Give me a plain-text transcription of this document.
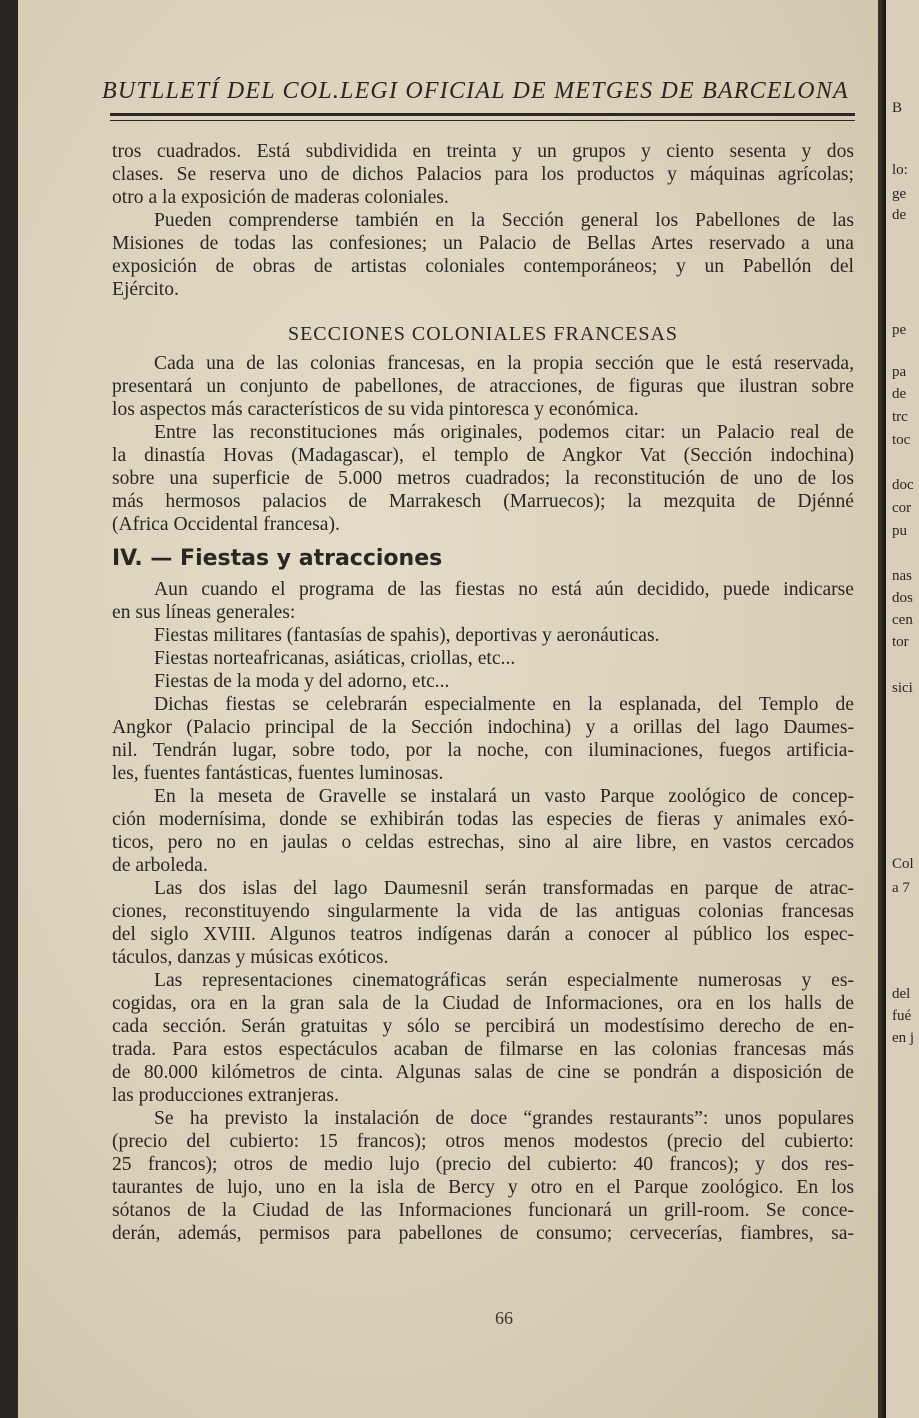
B
lo:
ge
de
pe
pa
de
trc
toc
doc
cor
pu
nas
dos
cen
tor
sici
Col
a 7
del
fué
en j
BUTLLETÍ DEL COL.LEGI OFICIAL DE METGES DE BARCELONA
tros cuadrados. Está subdividida en treinta y un grupos y ciento sesenta y dos
clases. Se reserva uno de dichos Palacios para los productos y máquinas agrícolas;
otro a la exposición de maderas coloniales.
Pueden comprenderse también en la Sección general los Pabellones de las
Misiones de todas las confesiones; un Palacio de Bellas Artes reservado a una
exposición de obras de artistas coloniales contemporáneos; y un Pabellón del
Ejército.
SECCIONES COLONIALES FRANCESAS
Cada una de las colonias francesas, en la propia sección que le está reservada,
presentará un conjunto de pabellones, de atracciones, de figuras que ilustran sobre
los aspectos más característicos de su vida pintoresca y económica.
Entre las reconstituciones más originales, podemos citar: un Palacio real de
la dinastía Hovas (Madagascar), el templo de Angkor Vat (Sección indochina)
sobre una superficie de 5.000 metros cuadrados; la reconstitución de uno de los
más hermosos palacios de Marrakesch (Marruecos); la mezquita de Djénné
(Africa Occidental francesa).
IV. — Fiestas y atracciones
Aun cuando el programa de las fiestas no está aún decidido, puede indicarse
en sus líneas generales:
Fiestas militares (fantasías de spahis), deportivas y aeronáuticas.
Fiestas norteafricanas, asiáticas, criollas, etc...
Fiestas de la moda y del adorno, etc...
Dichas fiestas se celebrarán especialmente en la esplanada, del Templo de
Angkor (Palacio principal de la Sección indochina) y a orillas del lago Daumes-
nil. Tendrán lugar, sobre todo, por la noche, con iluminaciones, fuegos artificia-
les, fuentes fantásticas, fuentes luminosas.
En la meseta de Gravelle se instalará un vasto Parque zoológico de concep-
ción modernísima, donde se exhibirán todas las especies de fieras y animales exó-
ticos, pero no en jaulas o celdas estrechas, sino al aire libre, en vastos cercados
de arboleda.
Las dos islas del lago Daumesnil serán transformadas en parque de atrac-
ciones, reconstituyendo singularmente la vida de las antiguas colonias francesas
del siglo XVIII. Algunos teatros indígenas darán a conocer al público los espec-
táculos, danzas y músicas exóticos.
Las representaciones cinematográficas serán especialmente numerosas y es-
cogidas, ora en la gran sala de la Ciudad de Informaciones, ora en los halls de
cada sección. Serán gratuitas y sólo se percibirá un modestísimo derecho de en-
trada. Para estos espectáculos acaban de filmarse en las colonias francesas más
de 80.000 kilómetros de cinta. Algunas salas de cine se pondrán a disposición de
las producciones extranjeras.
Se ha previsto la instalación de doce “grandes restaurants”: unos populares
(precio del cubierto: 15 francos); otros menos modestos (precio del cubierto:
25 francos); otros de medio lujo (precio del cubierto: 40 francos); y dos res-
taurantes de lujo, uno en la isla de Bercy y otro en el Parque zoológico. En los
sótanos de la Ciudad de las Informaciones funcionará un grill-room. Se conce-
derán, además, permisos para pabellones de consumo; cervecerías, fiambres, sa-
66
